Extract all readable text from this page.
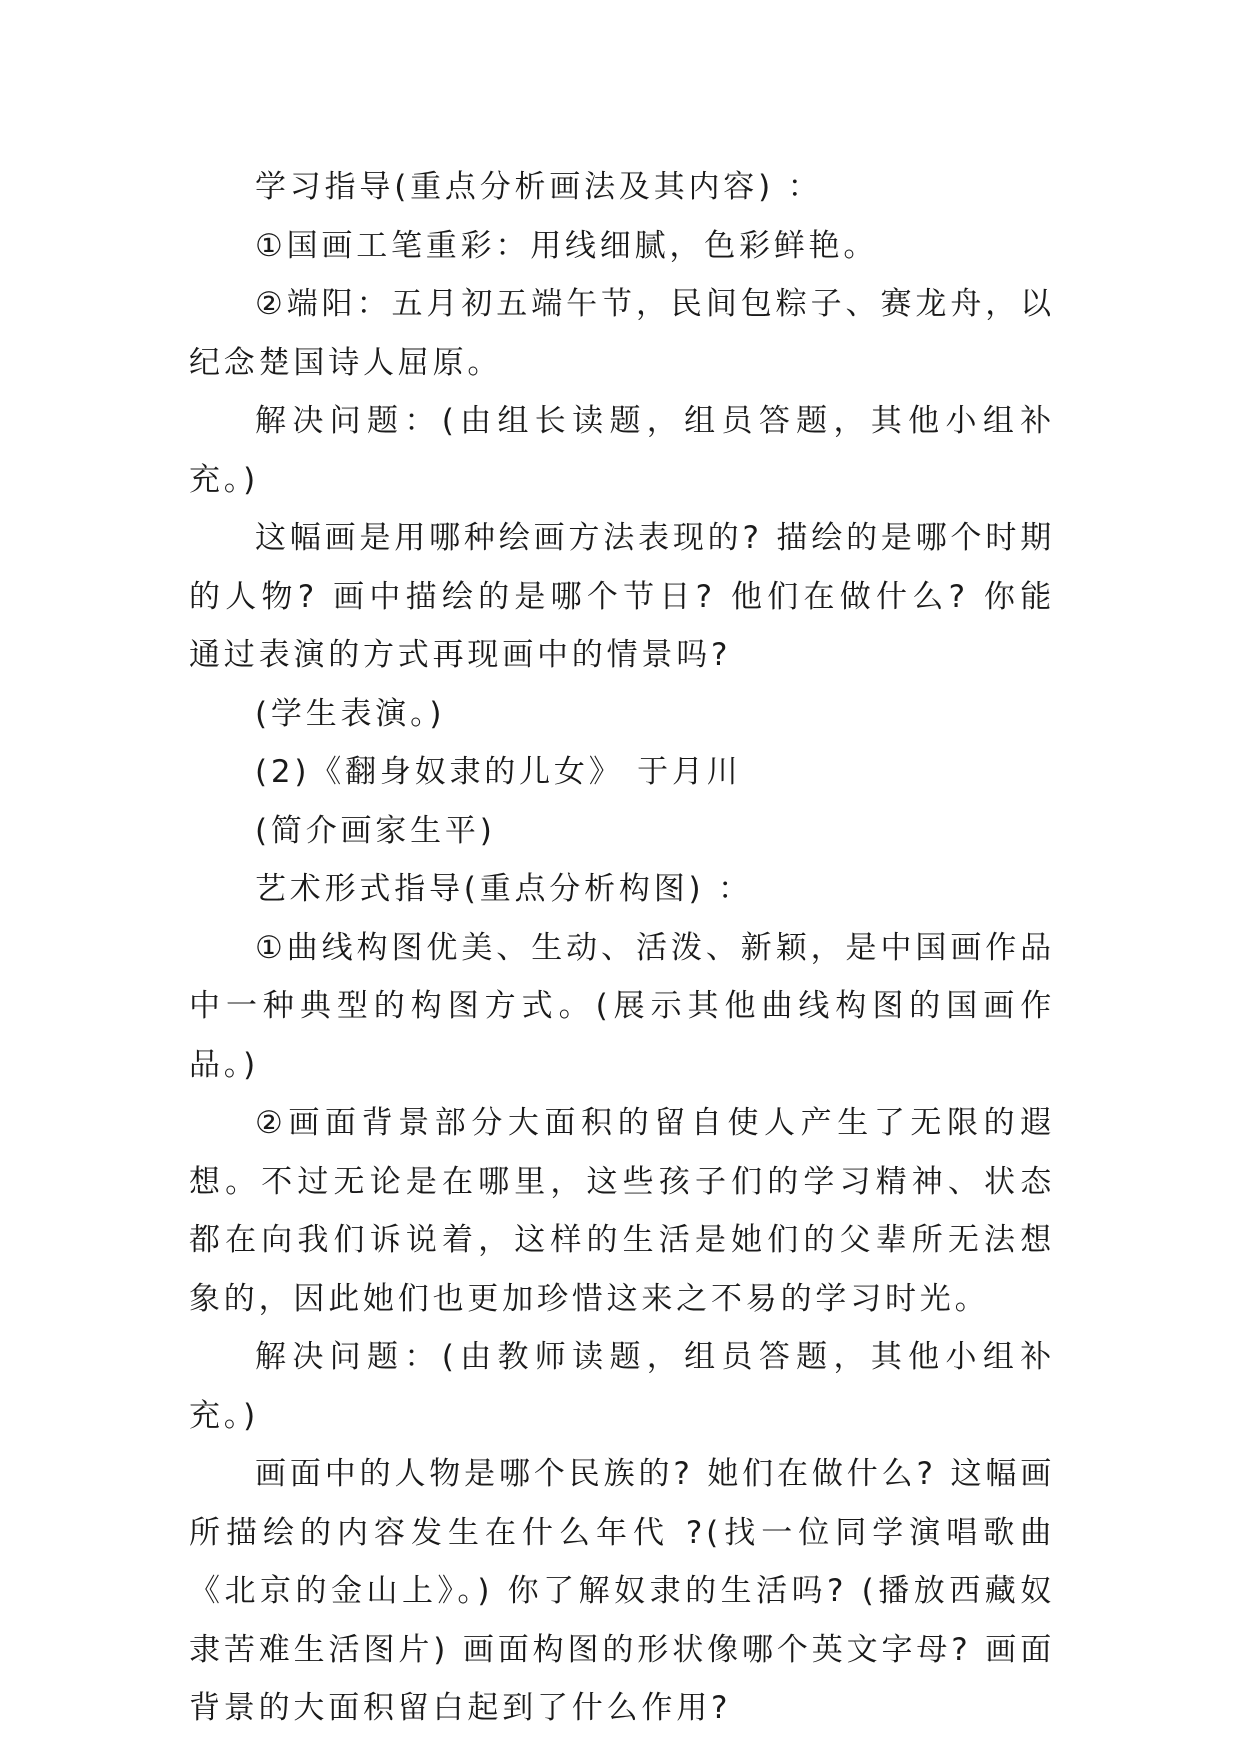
学习指导(重点分析画法及其内容) ：

①国画工笔重彩：用线细腻，色彩鲜艳。

②端阳：五月初五端午节，民间包粽子、赛龙舟，以纪念楚国诗人屈原。

解决问题：(由组长读题，组员答题，其他小组补充。)

这幅画是用哪种绘画方法表现的? 描绘的是哪个时期的人物? 画中描绘的是哪个节日? 他们在做什么? 你能通过表演的方式再现画中的情景吗?

(学生表演。)

(2)《翻身奴隶的儿女》 于月川

(简介画家生平)

艺术形式指导(重点分析构图) ：

①曲线构图优美、生动、活泼、新颖，是中国画作品中一种典型的构图方式。(展示其他曲线构图的国画作品。)

②画面背景部分大面积的留自使人产生了无限的遐想。不过无论是在哪里，这些孩子们的学习精神、状态都在向我们诉说着，这样的生活是她们的父辈所无法想象的，因此她们也更加珍惜这来之不易的学习时光。

解决问题：(由教师读题，组员答题，其他小组补充。)

画面中的人物是哪个民族的? 她们在做什么? 这幅画所描绘的内容发生在什么年代 ?(找一位同学演唱歌曲《北京的金山上》。) 你了解奴隶的生活吗? (播放西藏奴隶苦难生活图片) 画面构图的形状像哪个英文字母? 画面背景的大面积留白起到了什么作用?
